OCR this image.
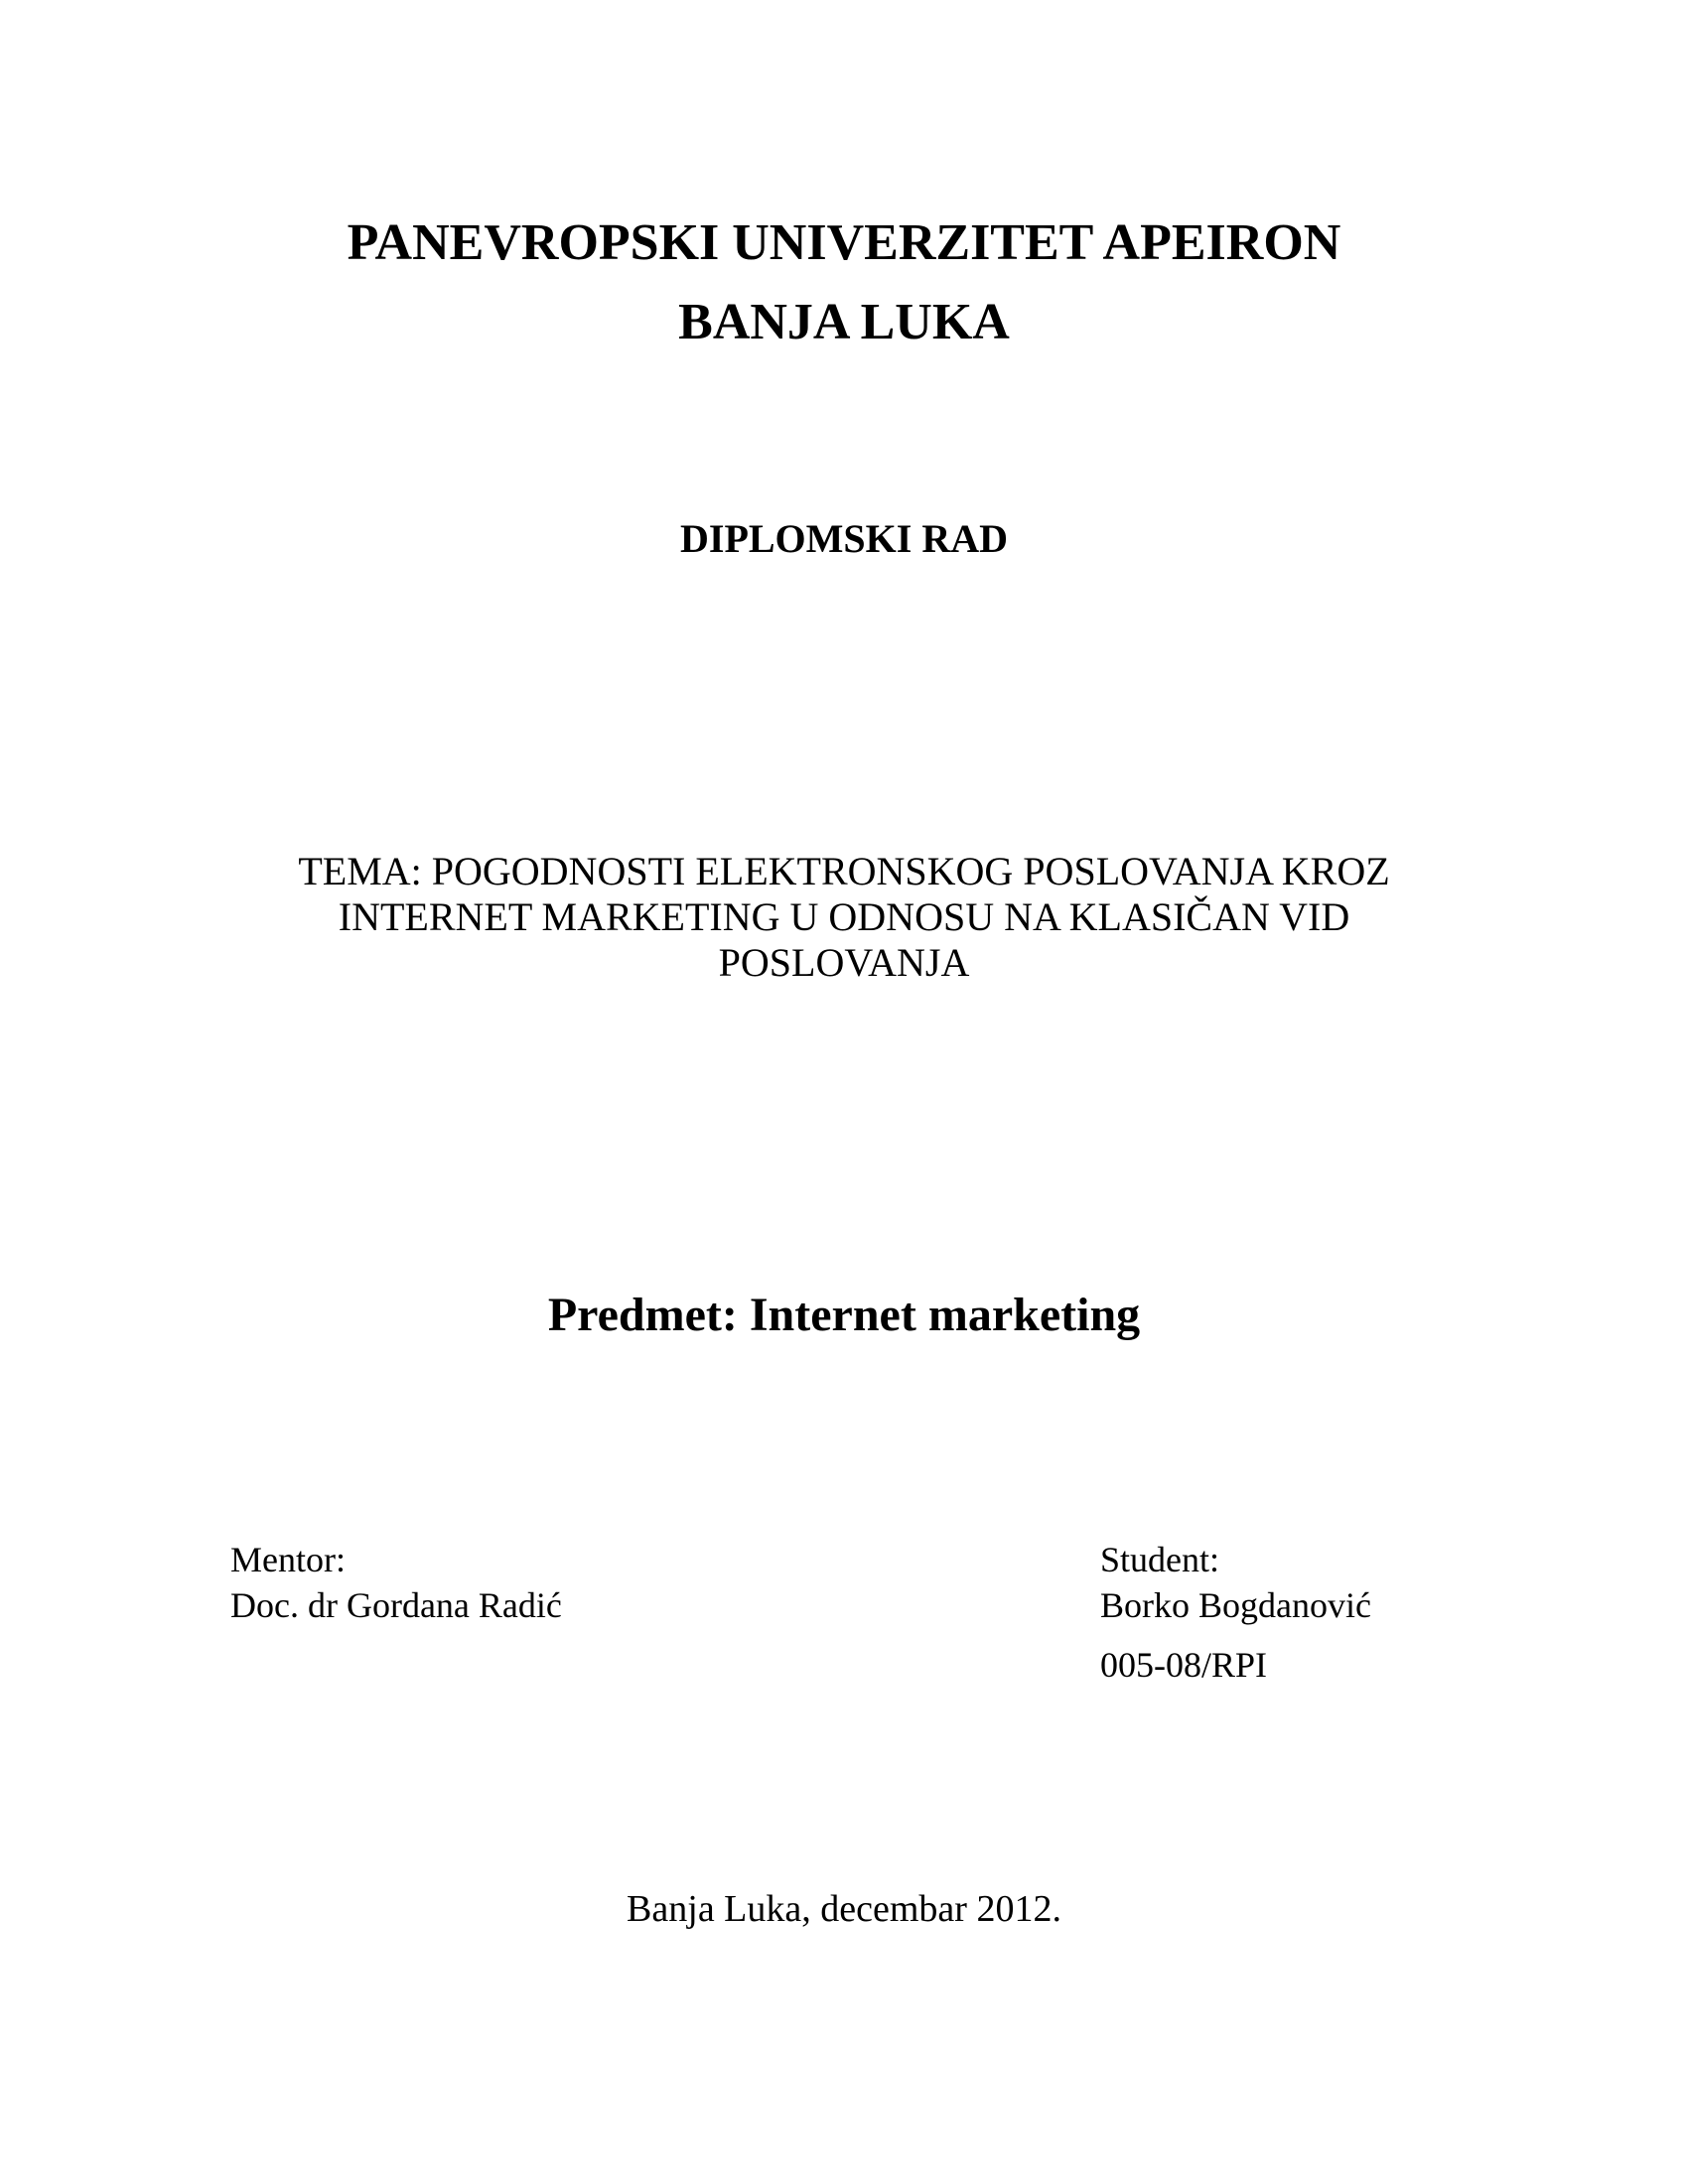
PANEVROPSKI UNIVERZITET APEIRON
BANJA LUKA
DIPLOMSKI RAD
TEMA: POGODNOSTI ELEKTRONSKOG POSLOVANJA KROZ
INTERNET MARKETING U ODNOSU NA KLASIČAN VID
POSLOVANJA
Predmet: Internet marketing
Mentor:
Doc. dr Gordana Radić
Student:
Borko Bogdanović
005-08/RPI
Banja Luka, decembar 2012.
